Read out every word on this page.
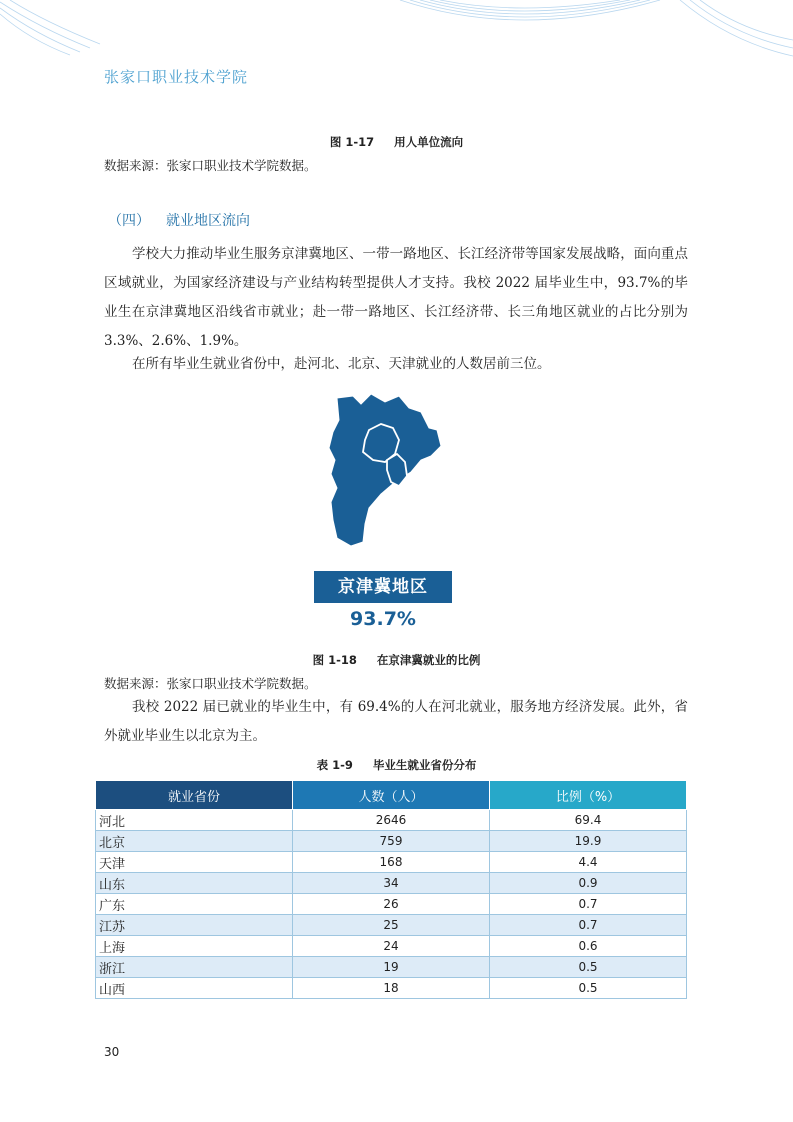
张家口职业技术学院
图 1-17 用人单位流向
数据来源：张家口职业技术学院数据。
（四） 就业地区流向

学校大力推动毕业生服务京津冀地区、一带一路地区、长江经济带等国家发展战略，面向重点区域就业，为国家经济建设与产业结构转型提供人才支持。我校 2022 届毕业生中，93.7%的毕业生在京津冀地区沿线省市就业；赴一带一路地区、长江经济带、长三角地区就业的占比分别为 3.3%、2.6%、1.9%。

在所有毕业生就业省份中，赴河北、北京、天津就业的人数居前三位。

京津冀地区
93.7%
图 1-18 在京津冀就业的比例
数据来源：张家口职业技术学院数据。

我校 2022 届已就业的毕业生中，有 69.4%的人在河北就业，服务地方经济发展。此外，省外就业毕业生以北京为主。

表 1-9 毕业生就业省份分布
就业省份	人数（人）	比例（%）
河北	2646	69.4
北京	759	19.9
天津	168	4.4
山东	34	0.9
广东	26	0.7
江苏	25	0.7
上海	24	0.6
浙江	19	0.5
山西	18	0.5
30
